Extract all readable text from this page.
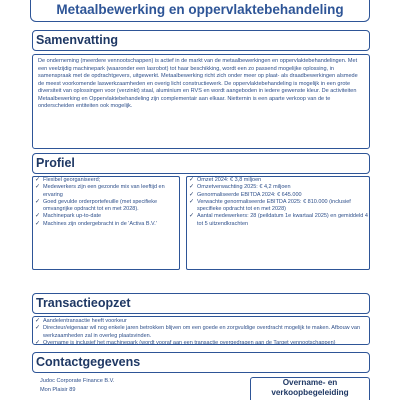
Metaalbewerking en oppervlaktebehandeling
Samenvatting

De onderneming (meerdere vennootschappen) is actief in de markt van de metaalbewerkingen en oppervlaktebehandelingen. Met een veelzijdig machinepark (waaronder een lasrobot) tot haar beschikking, wordt een zo passend mogelijke oplossing, in samenspraak met de opdrachtgevers, uitgewerkt. Metaalbewerking richt zich onder meer op plaat- als draadbewerkingen alsmede de meest voorkomende laswerkzaamheden en overig licht constructiewerk. De oppervlaktebehandeling is mogelijk in een grote diversiteit van oplossingen voor (verzinkt) staal, aluminium en RVS en wordt aangeboden in iedere gewenste kleur. De activiteiten Metaalbewerking en Oppervlaktebehandeling zijn complementair aan elkaar. Nietternin is een aparte verkoop van de te onderscheiden entiteiten ook mogelijk.

Profiel
✓ Flexibel georganiseerd;
✓ Medewerkers zijn een gezonde mix van leeftijd en ervaring
✓ Goed gevulde orderportefeuille (met specifieke omvangrijke opdracht tot en met 2028).
✓ Machinepark up-to-date
✓ Machines zijn ondergebracht in de 'Activa B.V.'
✓ Omzet 2024: € 3,8 miljoen
✓ Omzetverwachting 2025: € 4,2 miljoen
✓ Genormaliseerde EBITDA 2024: € 645.000
✓ Verwachte genormaliseerde EBITDA 2025: € 810.000 (inclusief specifieke opdracht tot en met 2028)
✓ Aantal medewerkers: 28 (peildatum 1e kwartaal 2025) en gemiddeld 4 tot 5 uitzendkrachten
Transactieopzet
✓ Aandelentransactie heeft voorkeur
✓ Directeur/eigenaar wil nog enkele jaren betrokken blijven om een goede en zorgvuldige overdracht mogelijk te maken. Afbouw van werkzaamheden zal in overleg plaatsvinden.
✓ Overname is inclusief het machinepark (wordt vooraf aan een transactie overgedragen aan de Target vennootschappen)
Contactgegevens
Judoc Corporate Finance B.V.
Mon Plaisir 89
Overname- en
verkoopbegeleiding
